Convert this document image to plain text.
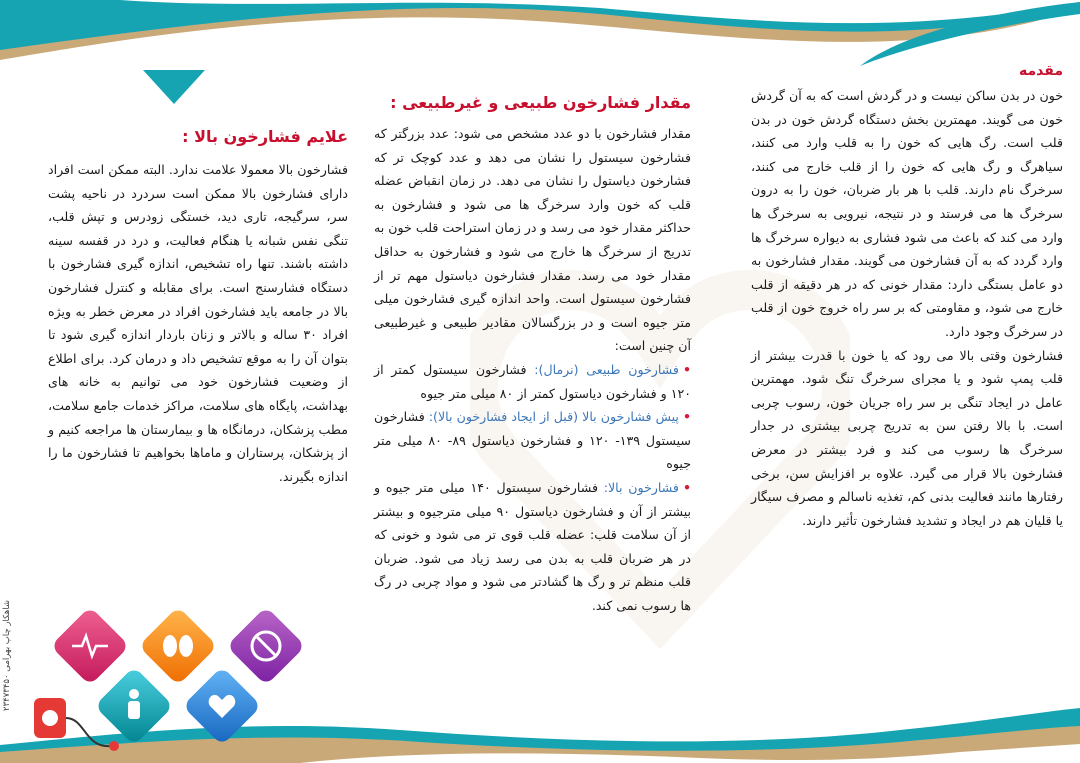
مقدمه

خون در بدن ساکن نیست و در گردش است که به آن گردش خون می گویند. مهمترین بخش دستگاه گردش خون در بدن قلب است. رگ هایی که خون را به قلب وارد می کنند، سیاهرگ و رگ هایی که خون را از قلب خارج می کنند، سرخرگ نام دارند. قلب با هر بار ضربان، خون را به درون سرخرگ ها می فرستد و در نتیجه، نیرویی به سرخرگ ها وارد می کند که باعث می شود فشاری به دیواره سرخرگ ها وارد گردد که به آن فشارخون می گویند. مقدار فشارخون به دو عامل بستگی دارد: مقدار خونی که در هر دقیقه از قلب خارج می شود، و مقاومتی که بر سر راه خروج خون از قلب در سرخرگ وجود دارد.

فشارخون وقتی بالا می رود که یا خون با قدرت بیشتر از قلب پمپ شود و یا مجرای سرخرگ تنگ شود. مهمترین عامل در ایجاد تنگی بر سر راه جریان خون، رسوب چربی است. با بالا رفتن سن به تدریج چربی بیشتری در جدار سرخرگ ها رسوب می کند و فرد بیشتر در معرض فشارخون بالا قرار می گیرد. علاوه بر افزایش سن، برخی رفتارها مانند فعالیت بدنی کم، تغذیه ناسالم و مصرف سیگار یا قلیان هم در ایجاد و تشدید فشارخون تأثیر دارند.

مقدار فشارخون طبیعی و غیرطبیعی :

مقدار فشارخون با دو عدد مشخص می شود: عدد بزرگتر که فشارخون سیستول را نشان می دهد و عدد کوچک تر که فشارخون دیاستول را نشان می دهد. در زمان انقباض عضله قلب که خون وارد سرخرگ ها می شود و فشارخون به حداکثر مقدار خود می رسد و در زمان استراحت قلب خون به تدریج از سرخرگ ها خارج می شود و فشارخون به حداقل مقدار خود می رسد. مقدار فشارخون دیاستول مهم تر از فشارخون سیستول است. واحد اندازه گیری فشارخون میلی متر جیوه است و در بزرگسالان مقادیر طبیعی و غیرطبیعی آن چنین است:

•فشارخون طبیعی (نرمال): فشارخون سیستول کمتر از ۱۲۰ و فشارخون دیاستول کمتر از ۸۰ میلی متر جیوه

•پیش فشارخون بالا (قبل از ایجاد فشارخون بالا): فشارخون سیستول ۱۳۹- ۱۲۰ و فشارخون دیاستول ۸۹- ۸۰ میلی متر جیوه

•فشارخون بالا: فشارخون سیستول ۱۴۰ میلی متر جیوه و بیشتر از آن و فشارخون دیاستول ۹۰ میلی مترجیوه و بیشتر از آن سلامت قلب: عضله قلب قوی تر می شود و خونی که در هر ضربان قلب به بدن می رسد زیاد می شود. ضربان قلب منظم تر و رگ ها گشادتر می شود و مواد چربی در رگ ها رسوب نمی کند.

علایم فشارخون بالا :

فشارخون بالا معمولا علامت ندارد. البته ممکن است افراد دارای فشارخون بالا ممکن است سردرد در ناحیه پشت سر، سرگیجه، تاری دید، خستگی زودرس و تپش قلب، تنگی نفس شبانه یا هنگام فعالیت، و درد در قفسه سینه داشته باشند. تنها راه تشخیص، اندازه گیری فشارخون با دستگاه فشارسنج است. برای مقابله و کنترل فشارخون بالا در جامعه باید فشارخون افراد در معرض خطر به ویژه افراد ۳۰ ساله و بالاتر و زنان باردار اندازه گیری شود تا بتوان آن را به موقع تشخیص داد و درمان کرد. برای اطلاع از وضعیت فشارخون خود می توانیم به خانه های بهداشت، پایگاه های سلامت، مراکز خدمات جامع سلامت، مطب پزشکان، درمانگاه ها و بیمارستان ها مراجعه کنیم و از پزشکان، پرستاران و ماماها بخواهیم تا فشارخون ما را اندازه بگیرند.

شاهکار چاپ بهرامی ۲۳۴۷۳۴۵۰
